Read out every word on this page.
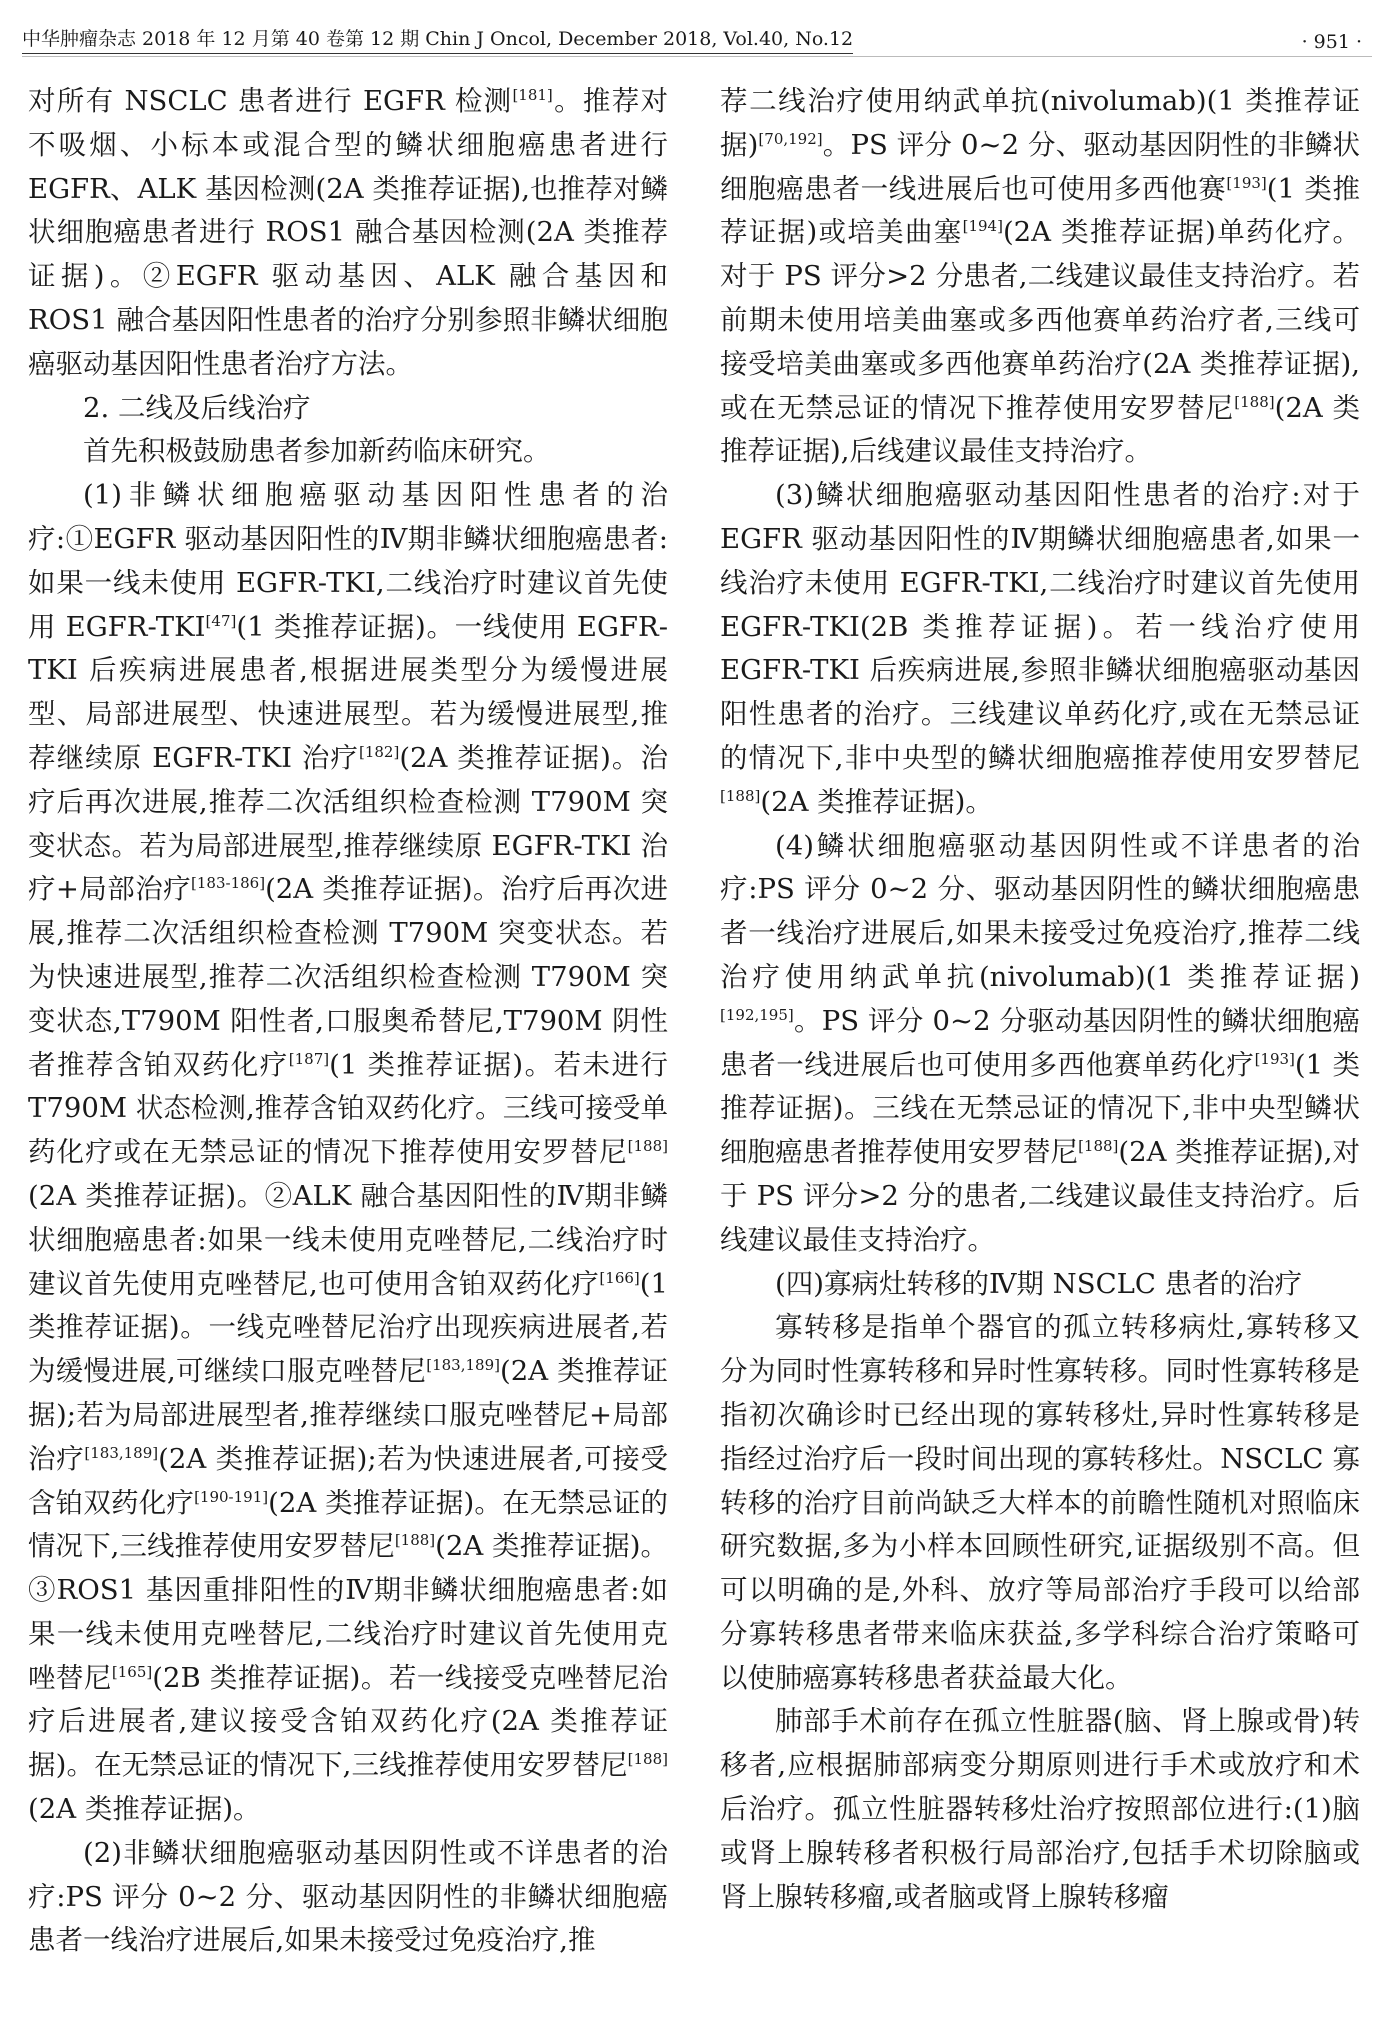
中华肿瘤杂志 2018 年 12 月第 40 卷第 12 期 Chin J Oncol, December 2018, Vol.40, No.12	· 951 ·

对所有 NSCLC 患者进行 EGFR 检测[181]。推荐对不吸烟、小标本或混合型的鳞状细胞癌患者进行 EGFR、ALK 基因检测(2A 类推荐证据),也推荐对鳞状细胞癌患者进行 ROS1 融合基因检测(2A 类推荐证据)。②EGFR 驱动基因、ALK 融合基因和 ROS1 融合基因阳性患者的治疗分别参照非鳞状细胞癌驱动基因阳性患者治疗方法。

2. 二线及后线治疗

首先积极鼓励患者参加新药临床研究。

(1)非鳞状细胞癌驱动基因阳性患者的治疗:①EGFR 驱动基因阳性的Ⅳ期非鳞状细胞癌患者:如果一线未使用 EGFR-TKI,二线治疗时建议首先使用 EGFR-TKI[47](1 类推荐证据)。一线使用 EGFR-TKI 后疾病进展患者,根据进展类型分为缓慢进展型、局部进展型、快速进展型。若为缓慢进展型,推荐继续原 EGFR-TKI 治疗[182](2A 类推荐证据)。治疗后再次进展,推荐二次活组织检查检测 T790M 突变状态。若为局部进展型,推荐继续原 EGFR-TKI 治疗+局部治疗[183-186](2A 类推荐证据)。治疗后再次进展,推荐二次活组织检查检测 T790M 突变状态。若为快速进展型,推荐二次活组织检查检测 T790M 突变状态,T790M 阳性者,口服奥希替尼,T790M 阴性者推荐含铂双药化疗[187](1 类推荐证据)。若未进行 T790M 状态检测,推荐含铂双药化疗。三线可接受单药化疗或在无禁忌证的情况下推荐使用安罗替尼[188](2A 类推荐证据)。②ALK 融合基因阳性的Ⅳ期非鳞状细胞癌患者:如果一线未使用克唑替尼,二线治疗时建议首先使用克唑替尼,也可使用含铂双药化疗[166](1 类推荐证据)。一线克唑替尼治疗出现疾病进展者,若为缓慢进展,可继续口服克唑替尼[183,189](2A 类推荐证据);若为局部进展型者,推荐继续口服克唑替尼+局部治疗[183,189](2A 类推荐证据);若为快速进展者,可接受含铂双药化疗[190-191](2A 类推荐证据)。在无禁忌证的情况下,三线推荐使用安罗替尼[188](2A 类推荐证据)。③ROS1 基因重排阳性的Ⅳ期非鳞状细胞癌患者:如果一线未使用克唑替尼,二线治疗时建议首先使用克唑替尼[165](2B 类推荐证据)。若一线接受克唑替尼治疗后进展者,建议接受含铂双药化疗(2A 类推荐证据)。在无禁忌证的情况下,三线推荐使用安罗替尼[188](2A 类推荐证据)。

(2)非鳞状细胞癌驱动基因阴性或不详患者的治疗:PS 评分 0~2 分、驱动基因阴性的非鳞状细胞癌患者一线治疗进展后,如果未接受过免疫治疗,推

荐二线治疗使用纳武单抗(nivolumab)(1 类推荐证据)[70,192]。PS 评分 0~2 分、驱动基因阴性的非鳞状细胞癌患者一线进展后也可使用多西他赛[193](1 类推荐证据)或培美曲塞[194](2A 类推荐证据)单药化疗。对于 PS 评分>2 分患者,二线建议最佳支持治疗。若前期未使用培美曲塞或多西他赛单药治疗者,三线可接受培美曲塞或多西他赛单药治疗(2A 类推荐证据),或在无禁忌证的情况下推荐使用安罗替尼[188](2A 类推荐证据),后线建议最佳支持治疗。

(3)鳞状细胞癌驱动基因阳性患者的治疗:对于 EGFR 驱动基因阳性的Ⅳ期鳞状细胞癌患者,如果一线治疗未使用 EGFR-TKI,二线治疗时建议首先使用 EGFR-TKI(2B 类推荐证据)。若一线治疗使用 EGFR-TKI 后疾病进展,参照非鳞状细胞癌驱动基因阳性患者的治疗。三线建议单药化疗,或在无禁忌证的情况下,非中央型的鳞状细胞癌推荐使用安罗替尼[188](2A 类推荐证据)。

(4)鳞状细胞癌驱动基因阴性或不详患者的治疗:PS 评分 0~2 分、驱动基因阴性的鳞状细胞癌患者一线治疗进展后,如果未接受过免疫治疗,推荐二线治疗使用纳武单抗(nivolumab)(1 类推荐证据)[192,195]。PS 评分 0~2 分驱动基因阴性的鳞状细胞癌患者一线进展后也可使用多西他赛单药化疗[193](1 类推荐证据)。三线在无禁忌证的情况下,非中央型鳞状细胞癌患者推荐使用安罗替尼[188](2A 类推荐证据),对于 PS 评分>2 分的患者,二线建议最佳支持治疗。后线建议最佳支持治疗。

(四)寡病灶转移的Ⅳ期 NSCLC 患者的治疗

寡转移是指单个器官的孤立转移病灶,寡转移又分为同时性寡转移和异时性寡转移。同时性寡转移是指初次确诊时已经出现的寡转移灶,异时性寡转移是指经过治疗后一段时间出现的寡转移灶。NSCLC 寡转移的治疗目前尚缺乏大样本的前瞻性随机对照临床研究数据,多为小样本回顾性研究,证据级别不高。但可以明确的是,外科、放疗等局部治疗手段可以给部分寡转移患者带来临床获益,多学科综合治疗策略可以使肺癌寡转移患者获益最大化。

肺部手术前存在孤立性脏器(脑、肾上腺或骨)转移者,应根据肺部病变分期原则进行手术或放疗和术后治疗。孤立性脏器转移灶治疗按照部位进行:(1)脑或肾上腺转移者积极行局部治疗,包括手术切除脑或肾上腺转移瘤,或者脑或肾上腺转移瘤
